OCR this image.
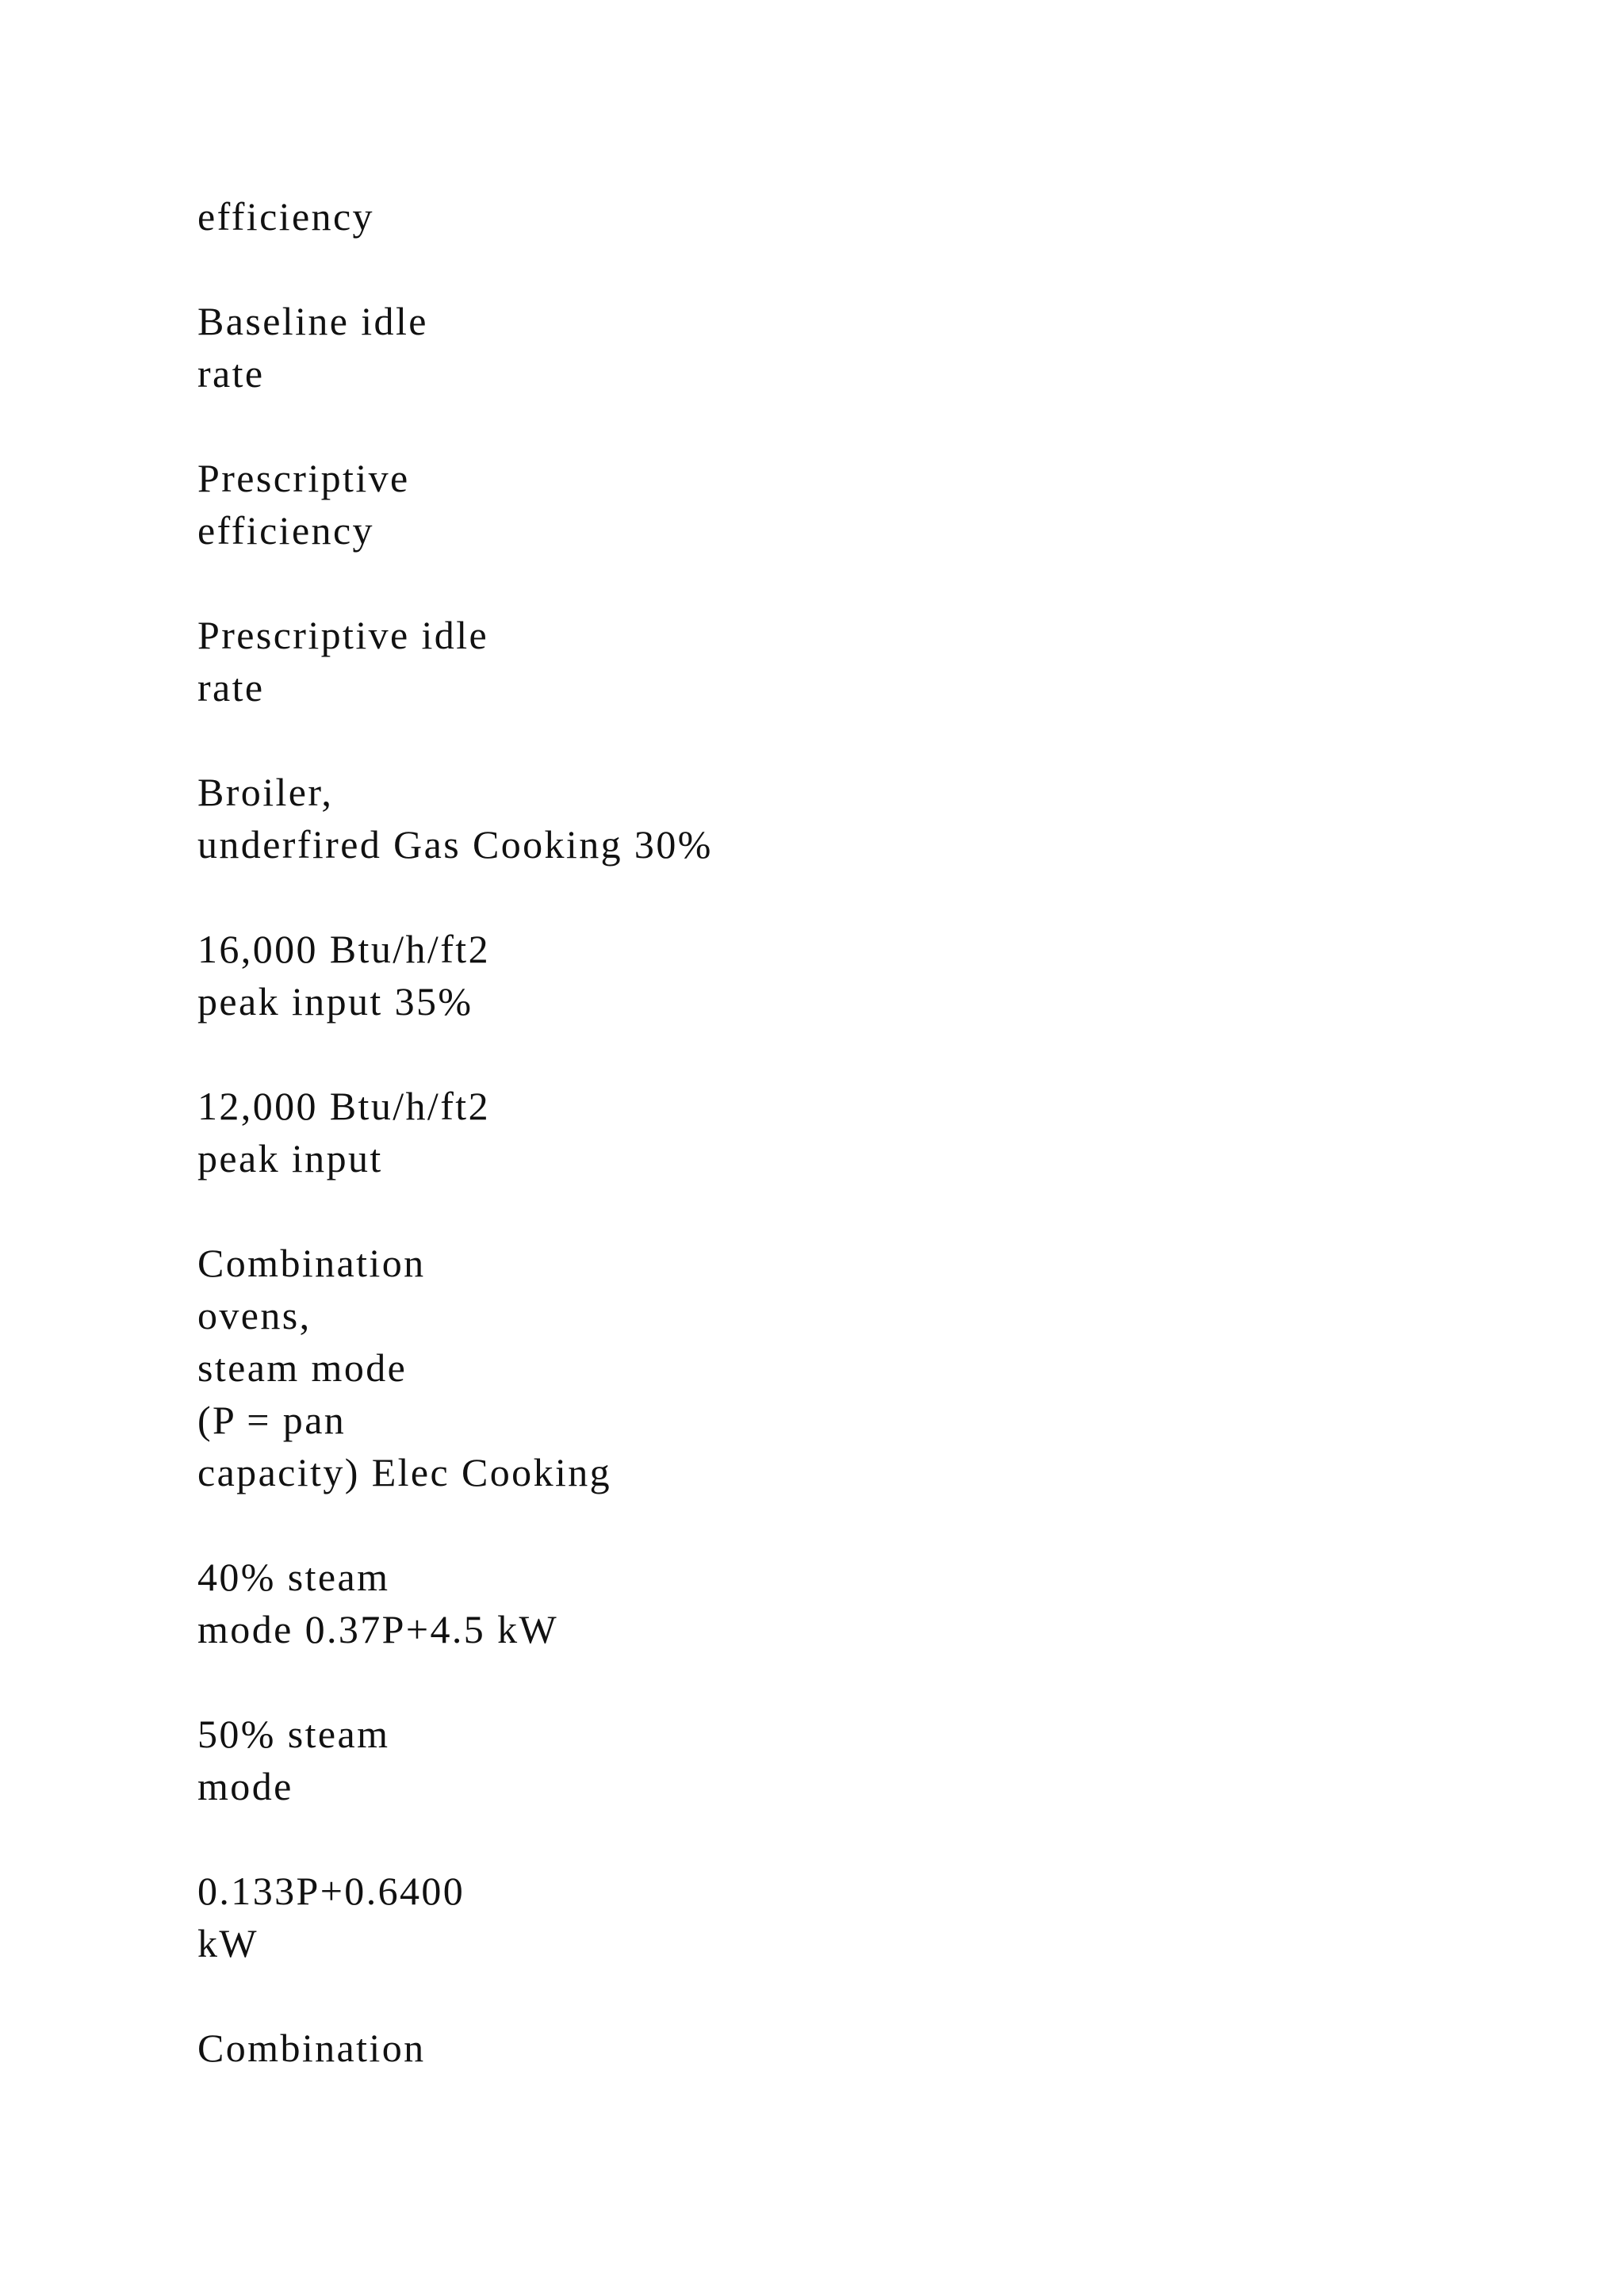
efficiency

Baseline idle
rate

Prescriptive
efficiency

Prescriptive idle
rate

Broiler,
underfired Gas Cooking 30%

16,000 Btu/h/ft2
peak input 35%

12,000 Btu/h/ft2
peak input

Combination
ovens,
steam mode
(P = pan
capacity) Elec Cooking

40% steam
mode 0.37P+4.5 kW

50% steam
mode

0.133P+0.6400
kW

Combination
